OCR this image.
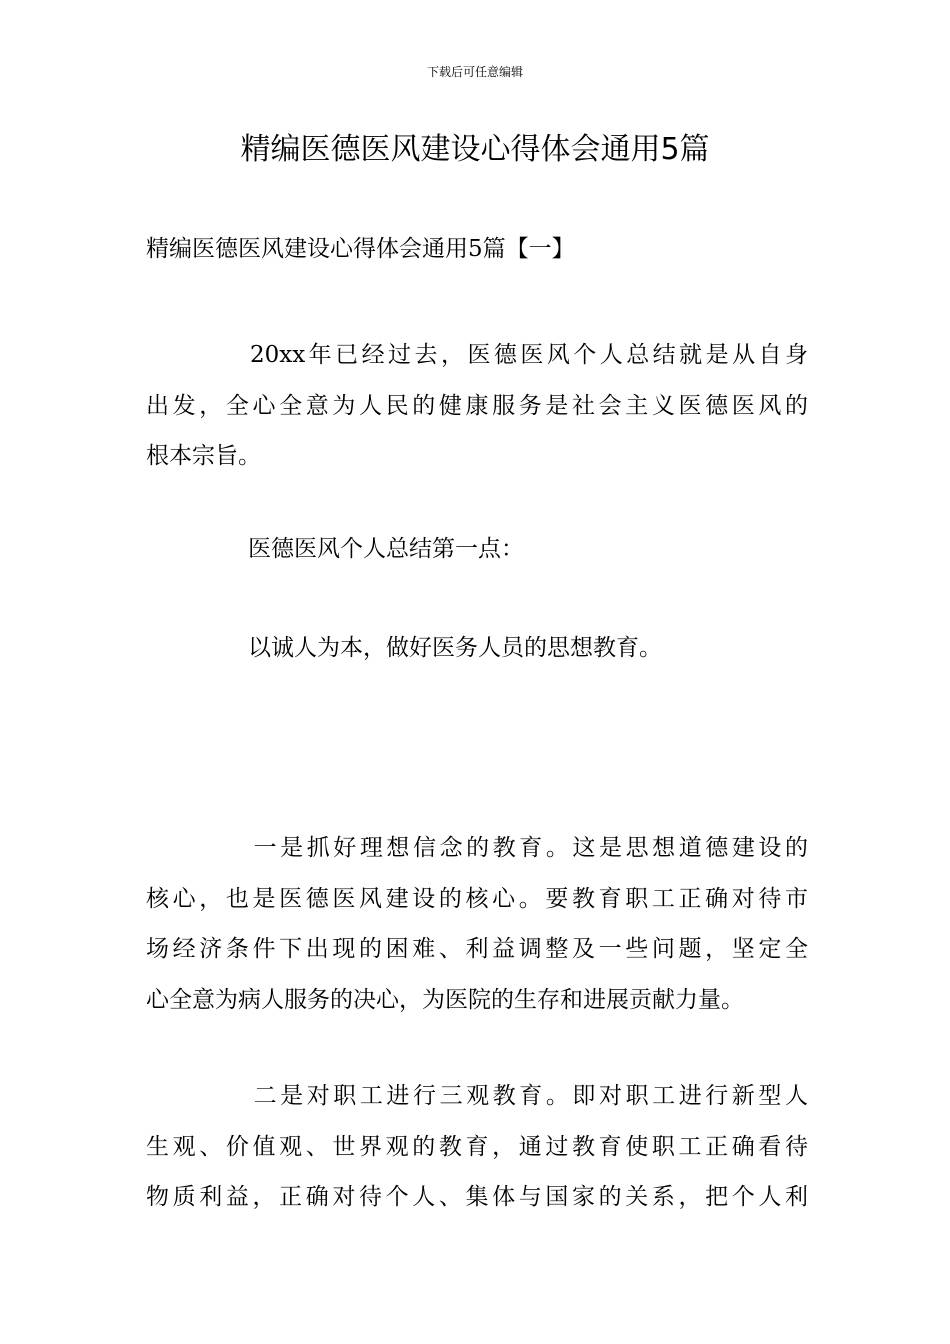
下载后可任意编辑
精编医德医风建设心得体会通用5篇
精编医德医风建设心得体会通用5篇【一】
20xx年已经过去，医德医风个人总结就是从自身
出发，全心全意为人民的健康服务是社会主义医德医风的
根本宗旨。
医德医风个人总结第一点：
以诚人为本，做好医务人员的思想教育。
一是抓好理想信念的教育。这是思想道德建设的
核心，也是医德医风建设的核心。要教育职工正确对待市
场经济条件下出现的困难、利益调整及一些问题，坚定全
心全意为病人服务的决心，为医院的生存和进展贡献力量。
二是对职工进行三观教育。即对职工进行新型人
生观、价值观、世界观的教育，通过教育使职工正确看待
物质利益，正确对待个人、集体与国家的关系，把个人利
